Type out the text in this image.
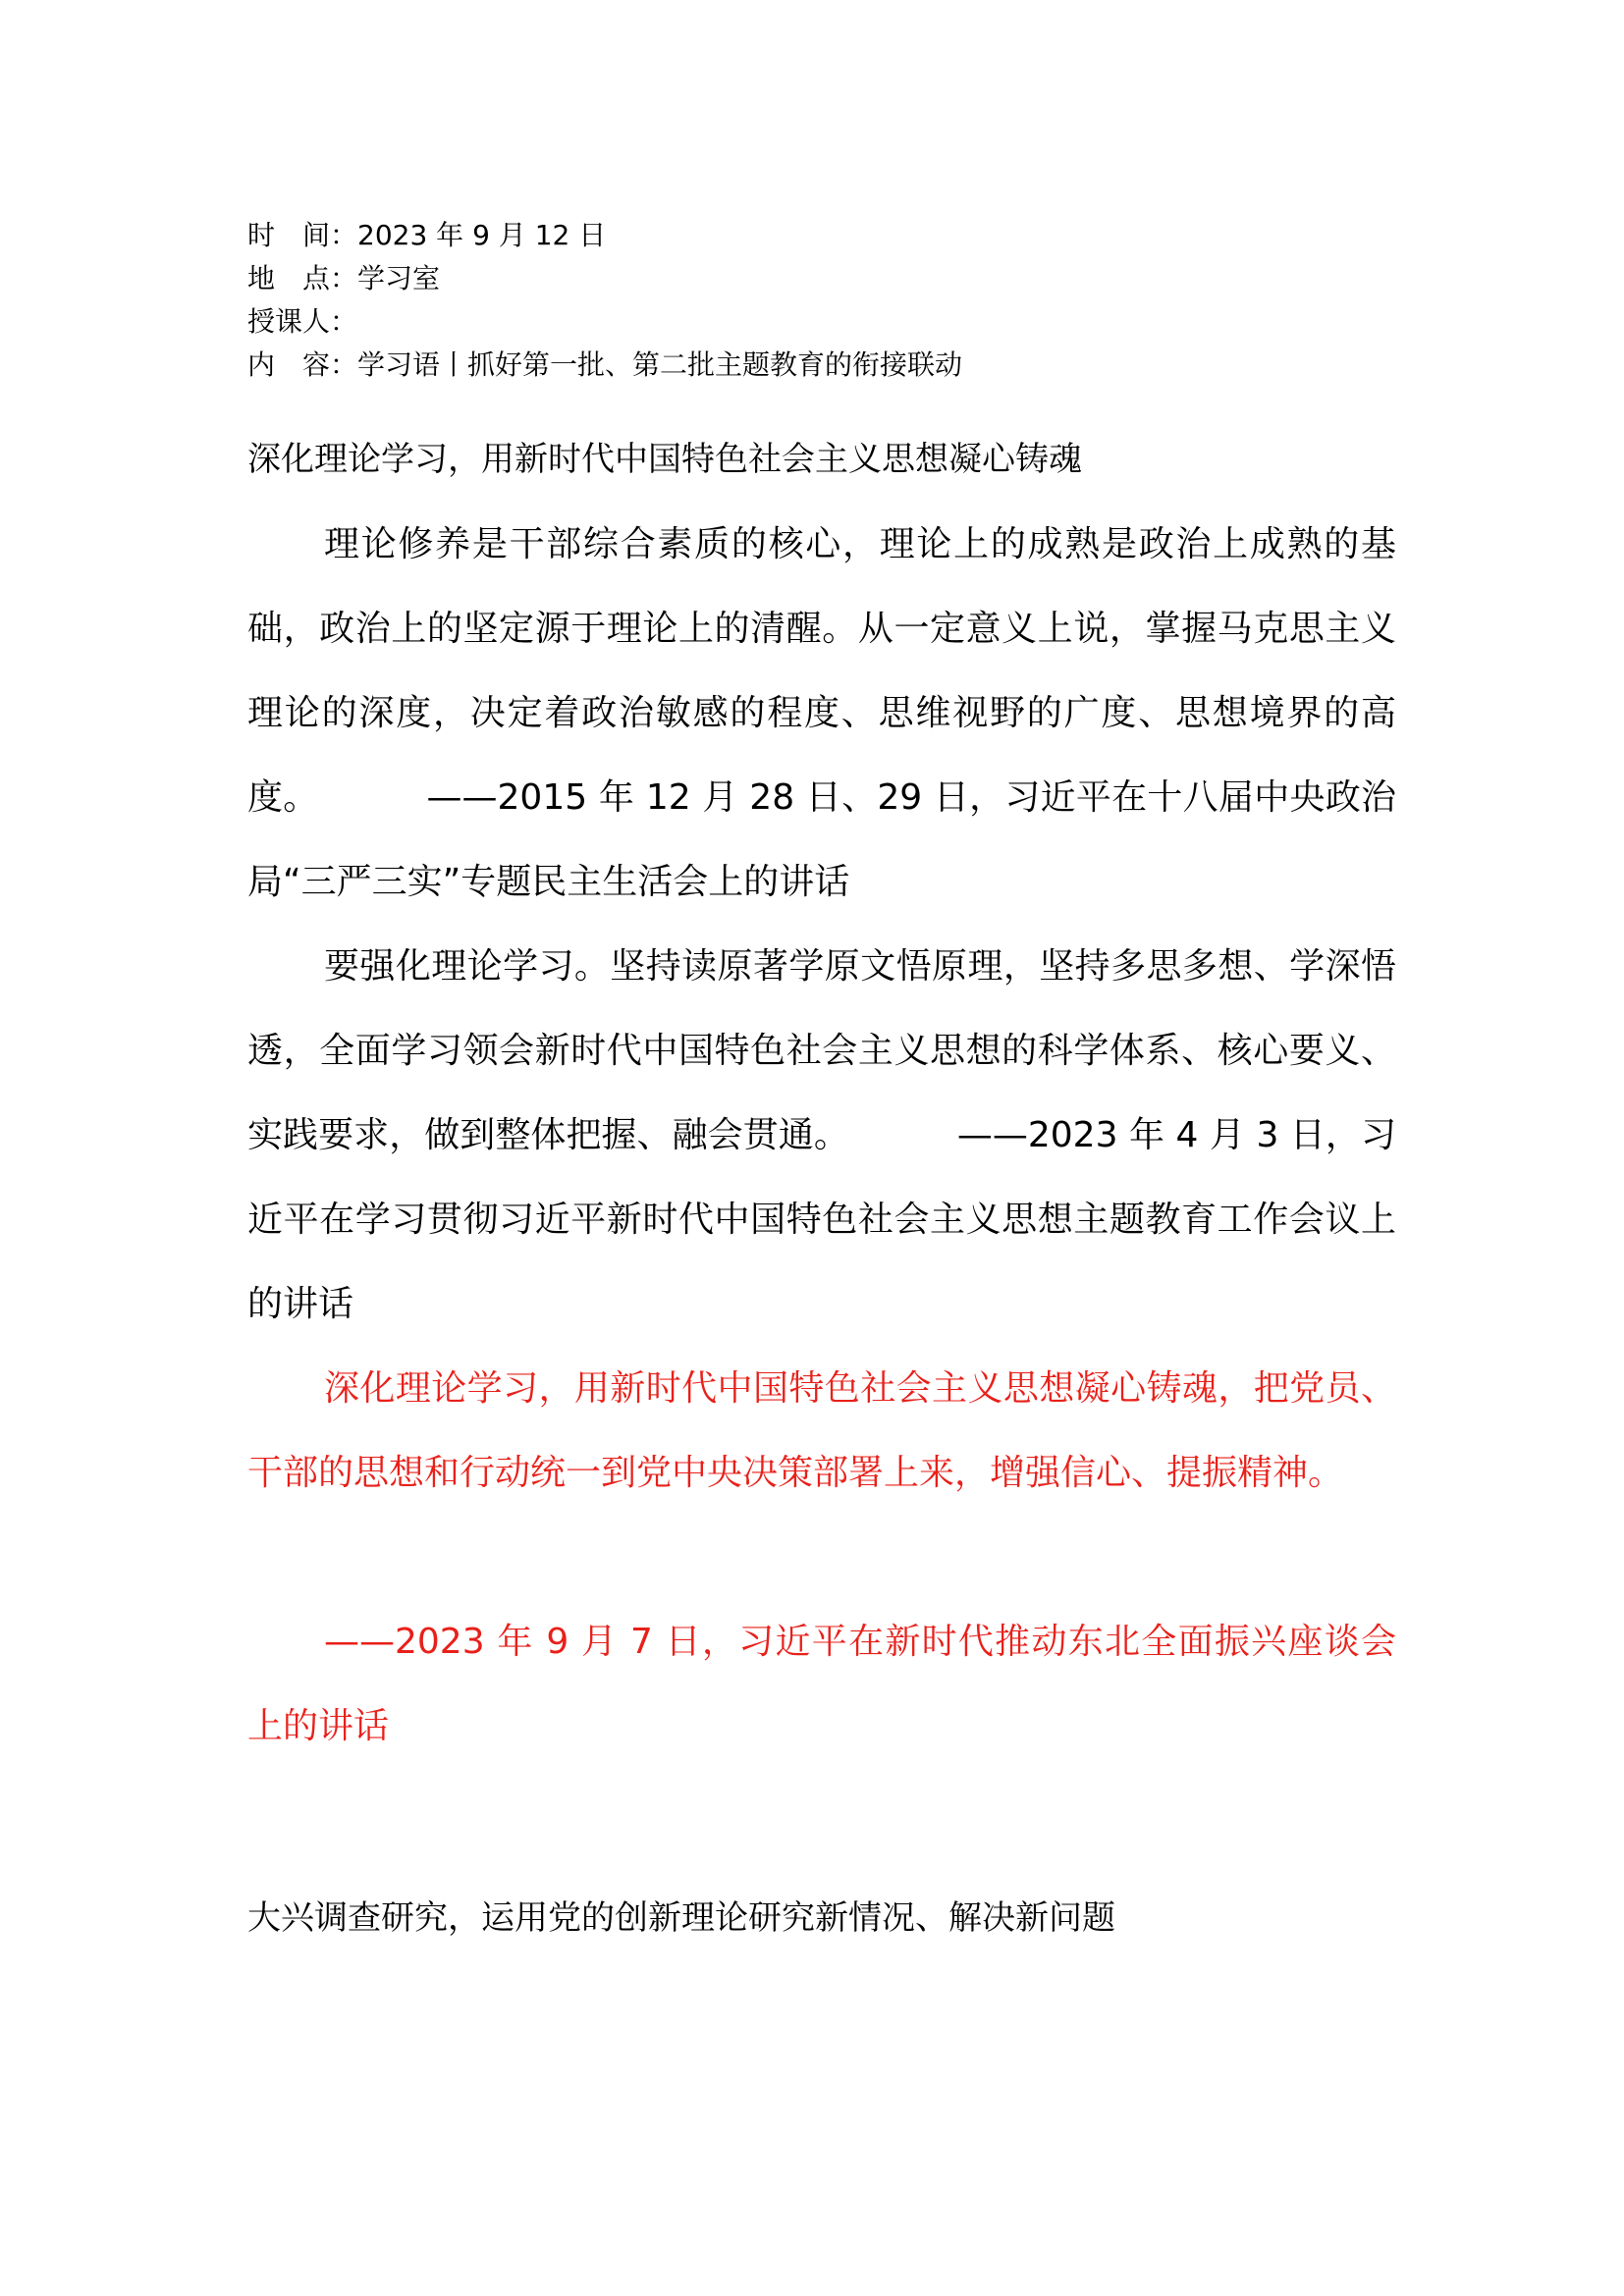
时　间：2023 年 9 月 12 日
地　点：学习室
授课人：
内　容：学习语丨抓好第一批、第二批主题教育的衔接联动
深化理论学习，用新时代中国特色社会主义思想凝心铸魂
理论修养是干部综合素质的核心，理论上的成熟是政治上成熟的基础，政治上的坚定源于理论上的清醒。从一定意义上说，掌握马克思主义理论的深度，决定着政治敏感的程度、思维视野的广度、思想境界的高度。	——2015 年 12 月 28 日、29 日，习近平在十八届中央政治局“三严三实”专题民主生活会上的讲话
要强化理论学习。坚持读原著学原文悟原理，坚持多思多想、学深悟透，全面学习领会新时代中国特色社会主义思想的科学体系、核心要义、实践要求，做到整体把握、融会贯通。	——2023 年 4 月 3 日，习近平在学习贯彻习近平新时代中国特色社会主义思想主题教育工作会议上的讲话
深化理论学习，用新时代中国特色社会主义思想凝心铸魂，把党员、干部的思想和行动统一到党中央决策部署上来，增强信心、提振精神。
——2023 年 9 月 7 日，习近平在新时代推动东北全面振兴座谈会上的讲话
大兴调查研究，运用党的创新理论研究新情况、解决新问题
